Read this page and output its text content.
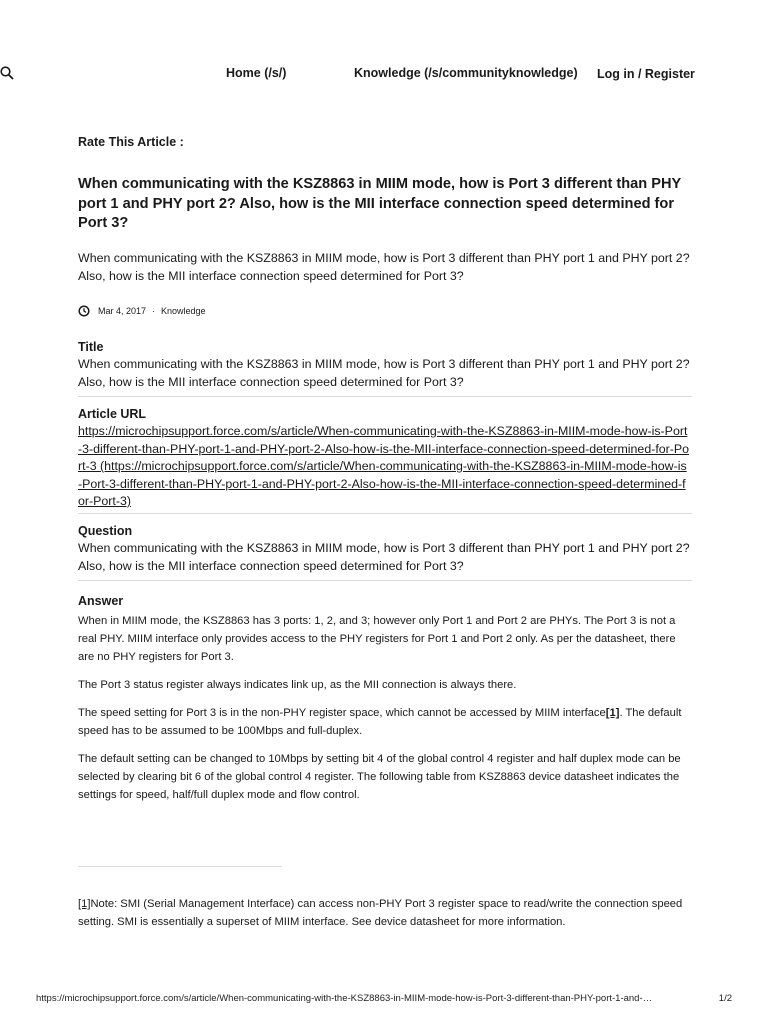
Home (/s/)	Knowledge (/s/communityknowledge) Log in / Register
Rate This Article :
When communicating with the KSZ8863 in MIIM mode, how is Port 3 different than PHY port 1 and PHY port 2? Also, how is the MII interface connection speed determined for Port 3?
When communicating with the KSZ8863 in MIIM mode, how is Port 3 different than PHY port 1 and PHY port 2? Also, how is the MII interface connection speed determined for Port 3?
Mar 4, 2017 · Knowledge
Title
When communicating with the KSZ8863 in MIIM mode, how is Port 3 different than PHY port 1 and PHY port 2? Also, how is the MII interface connection speed determined for Port 3?
Article URL
https://microchipsupport.force.com/s/article/When-communicating-with-the-KSZ8863-in-MIIM-mode-how-is-Port-3-different-than-PHY-port-1-and-PHY-port-2-Also-how-is-the-MII-interface-connection-speed-determined-for-Port-3 (https://microchipsupport.force.com/s/article/When-communicating-with-the-KSZ8863-in-MIIM-mode-how-is-Port-3-different-than-PHY-port-1-and-PHY-port-2-Also-how-is-the-MII-interface-connection-speed-determined-for-Port-3)
Question
When communicating with the KSZ8863 in MIIM mode, how is Port 3 different than PHY port 1 and PHY port 2? Also, how is the MII interface connection speed determined for Port 3?
Answer

When in MIIM mode, the KSZ8863 has 3 ports: 1, 2, and 3; however only Port 1 and Port 2 are PHYs. The Port 3 is not a real PHY. MIIM interface only provides access to the PHY registers for Port 1 and Port 2 only. As per the datasheet, there are no PHY registers for Port 3.

The Port 3 status register always indicates link up, as the MII connection is always there.

The speed setting for Port 3 is in the non-PHY register space, which cannot be accessed by MIIM interface[1]. The default speed has to be assumed to be 100Mbps and full-duplex.

The default setting can be changed to 10Mbps by setting bit 4 of the global control 4 register and half duplex mode can be selected by clearing bit 6 of the global control 4 register. The following table from KSZ8863 device datasheet indicates the settings for speed, half/full duplex mode and flow control.

[1]Note: SMI (Serial Management Interface) can access non-PHY Port 3 register space to read/write the connection speed setting. SMI is essentially a superset of MIIM interface. See device datasheet for more information.
https://microchipsupport.force.com/s/article/When-communicating-with-the-KSZ8863-in-MIIM-mode-how-is-Port-3-different-than-PHY-port-1-and-…	1/2
